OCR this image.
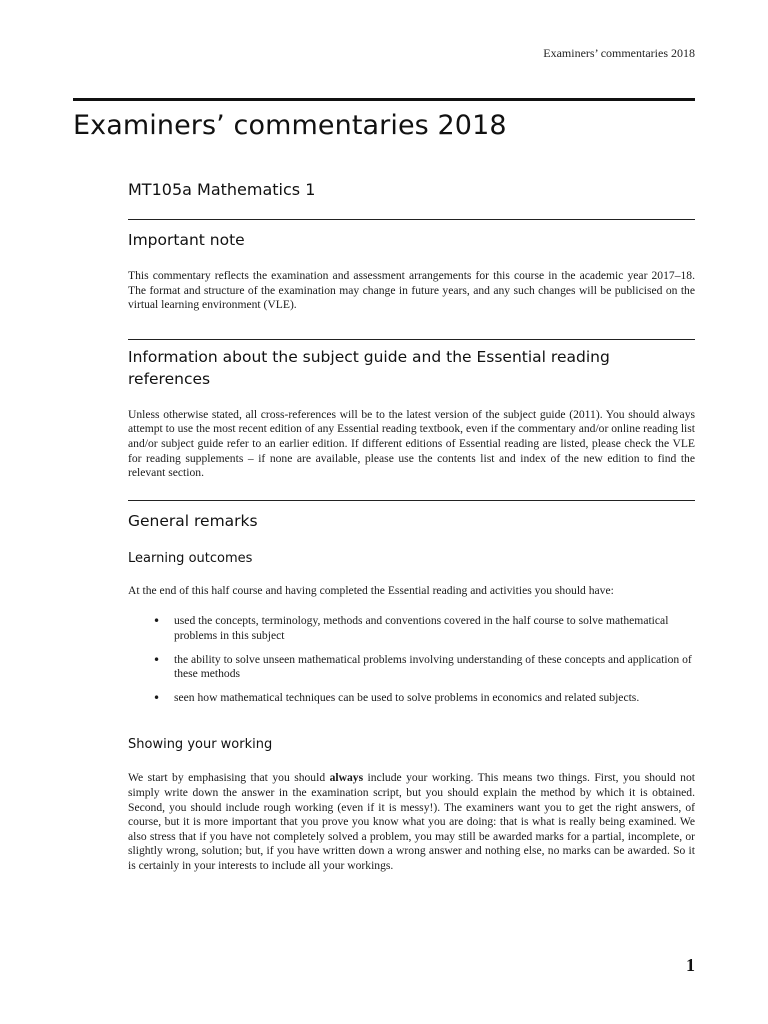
Examiners’ commentaries 2018
Examiners’ commentaries 2018
MT105a Mathematics 1
Important note

This commentary reflects the examination and assessment arrangements for this course in the academic year 2017–18. The format and structure of the examination may change in future years, and any such changes will be publicised on the virtual learning environment (VLE).

Information about the subject guide and the Essential reading references

Unless otherwise stated, all cross-references will be to the latest version of the subject guide (2011). You should always attempt to use the most recent edition of any Essential reading textbook, even if the commentary and/or online reading list and/or subject guide refer to an earlier edition. If different editions of Essential reading are listed, please check the VLE for reading supplements – if none are available, please use the contents list and index of the new edition to find the relevant section.

General remarks
Learning outcomes

At the end of this half course and having completed the Essential reading and activities you should have:

• used the concepts, terminology, methods and conventions covered in the half course to solve mathematical problems in this subject
• the ability to solve unseen mathematical problems involving understanding of these concepts and application of these methods
• seen how mathematical techniques can be used to solve problems in economics and related subjects.
Showing your working

We start by emphasising that you should always include your working. This means two things. First, you should not simply write down the answer in the examination script, but you should explain the method by which it is obtained. Second, you should include rough working (even if it is messy!). The examiners want you to get the right answers, of course, but it is more important that you prove you know what you are doing: that is what is really being examined. We also stress that if you have not completely solved a problem, you may still be awarded marks for a partial, incomplete, or slightly wrong, solution; but, if you have written down a wrong answer and nothing else, no marks can be awarded. So it is certainly in your interests to include all your workings.

1
